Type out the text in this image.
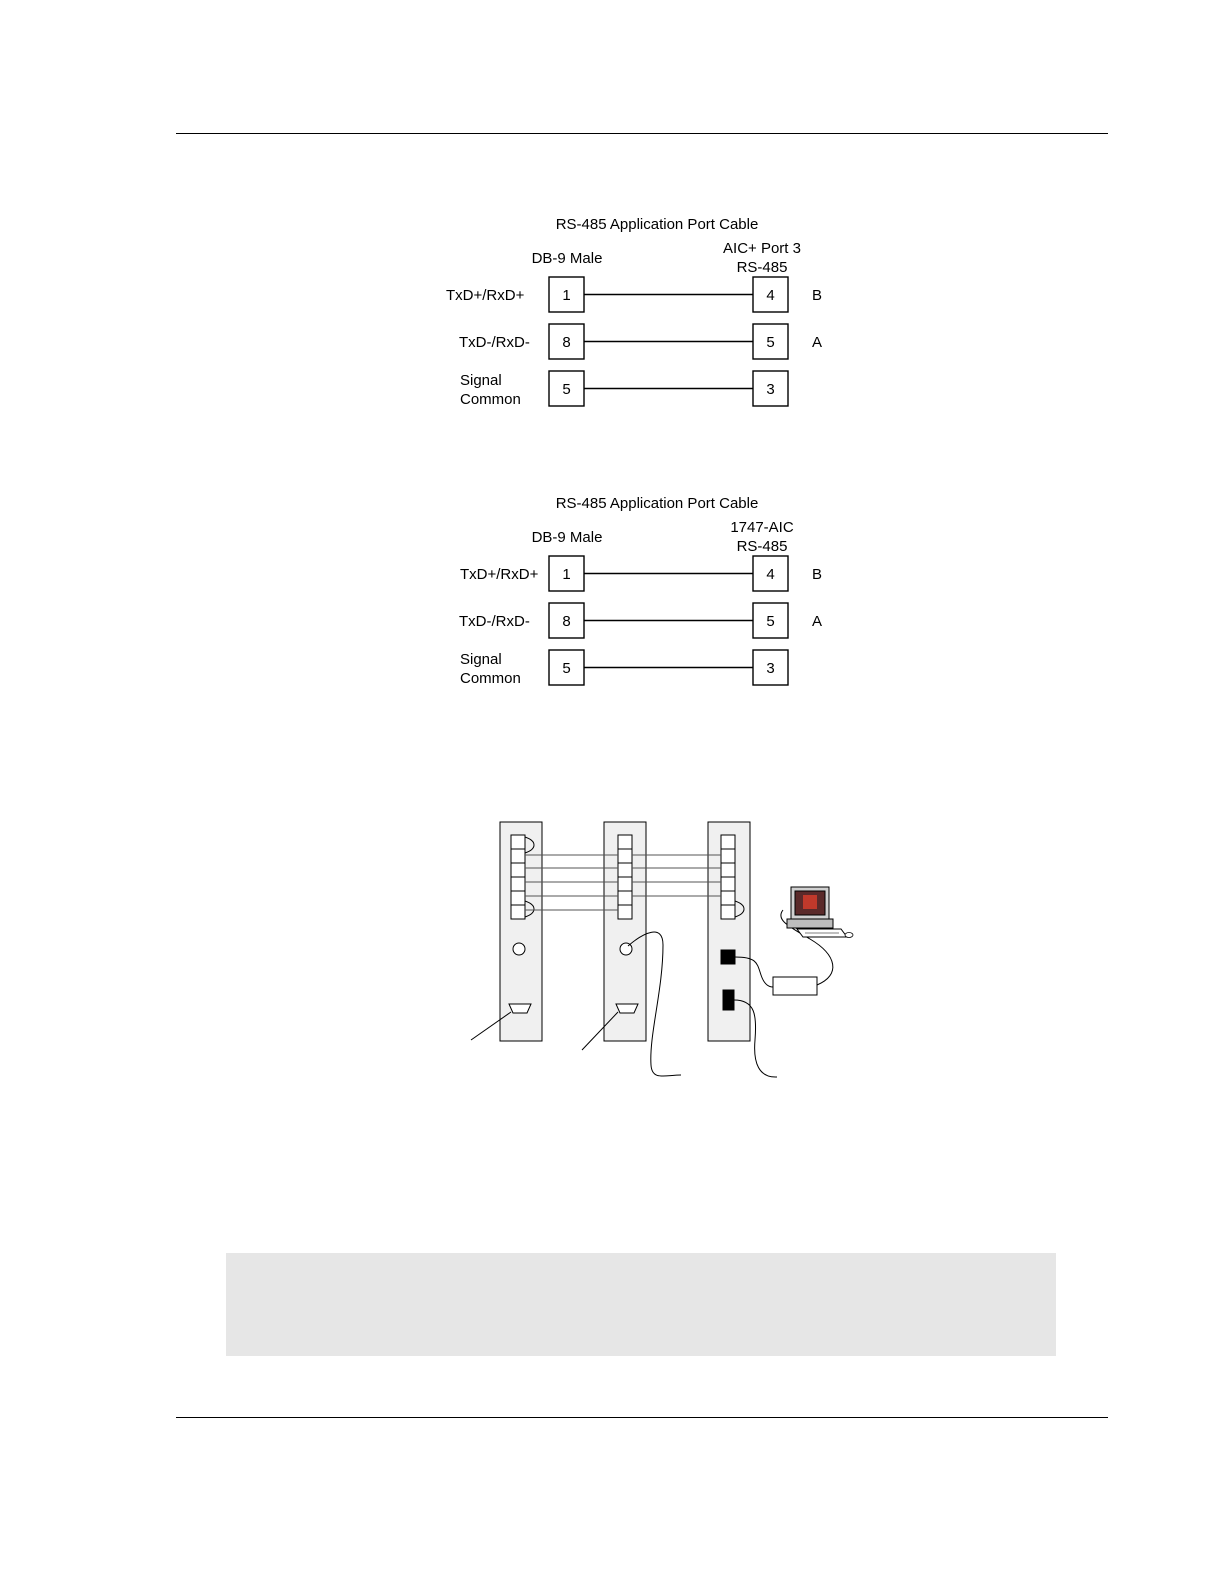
RS-485 Application Port Cable
DB-9 Male
AIC+ Port 3
RS-485
TxD+/RxD+	1	4 B
TxD-/RxD- 8	5 A
Signal
Common
5	3
RS-485 Application Port Cable
DB-9 Male
1747-AIC
RS-485
TxD+/RxD+ 1	4 B
TxD-/RxD- 8	5 A
Signal
Common
5	3
